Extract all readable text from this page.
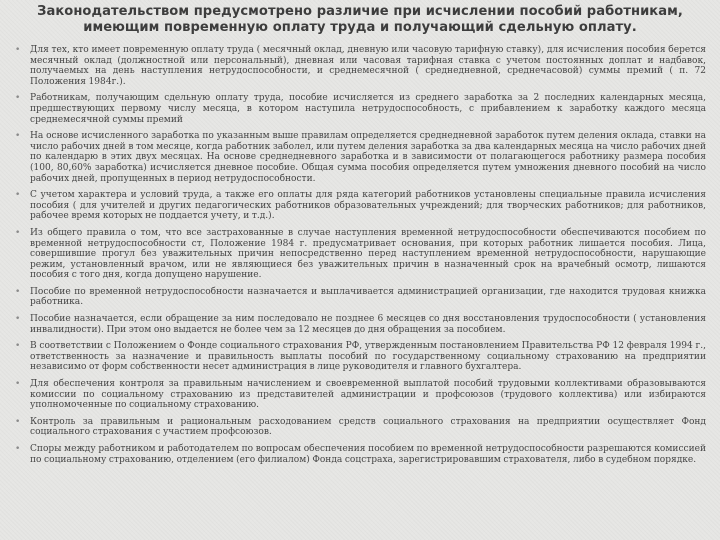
Законодательством предусмотрено различие при исчислении пособий работникам, имеющим повременную оплату труда и получающий сдельную оплату.
• Для тех, кто имеет повременную оплату труда ( месячный оклад, дневную или часовую тарифную ставку), для исчисления пособия берется месячный оклад (должностной или персональный), дневная или часовая тарифная ставка с учетом постоянных доплат и надбавок, получаемых на день наступления нетрудоспособности, и среднемесячной ( среднедневной, среднечасовой) суммы премий ( п. 72 Положения 1984г.).
• Работникам, получающим сдельную оплату труда, пособие исчисляется из среднего заработка за 2 последних календарных месяца, предшествующих первому числу месяца, в котором наступила нетрудоспособность, с прибавлением к заработку каждого месяца среднемесячной суммы премий
• На основе исчисленного заработка по указанным выше правилам определяется среднедневной заработок путем деления оклада, ставки на число рабочих дней в том месяце, когда работник заболел, или путем деления заработка за два календарных месяца на число рабочих дней по календарю в этих двух месяцах. На основе среднедневного заработка и в зависимости от полагающегося работнику размера пособия (100, 80,60% заработка) исчисляется дневное пособие. Общая сумма пособия определяется путем умножения дневного пособий на число рабочих дней, пропущенных в период нетрудоспособности.
• С учетом характера и условий труда, а также его оплаты для ряда категорий работников установлены специальные правила исчисления пособия ( для учителей и других педагогических работников образовательных учреждений; для творческих работников; для работников, рабочее время которых не поддается учету, и т.д.).
• Из общего правила о том, что все застрахованные в случае наступления временной нетрудоспособности обеспечиваются пособием по временной нетрудоспособности ст, Положение 1984 г. предусматривает основания, при которых работник лишается пособия. Лица, совершившие прогул без уважительных причин непосредственно перед наступлением временной нетрудоспособности, нарушающие режим, установленный врачом, или не являющиеся без уважительных причин в назначенный срок на врачебный осмотр, лишаются пособия с того дня, когда допущено нарушение.
• Пособие по временной нетрудоспособности назначается и выплачивается администрацией организации, где находится трудовая книжка работника.
• Пособие назначается, если обращение за ним последовало не позднее 6 месяцев со дня восстановления трудоспособности ( установления инвалидности). При этом оно выдается не более чем за 12 месяцев до дня обращения за пособием.
• В соответствии с Положением о Фонде социального страхования РФ, утвержденным постановлением Правительства РФ 12 февраля 1994 г., ответственность за назначение и правильность выплаты пособий по государственному социальному страхованию на предприятии независимо от форм собственности несет администрация в лице руководителя и главного бухгалтера.
• Для обеспечения контроля за правильным начислением и своевременной выплатой пособий трудовыми коллективами образовываются комиссии по социальному страхованию из представителей администрации и профсоюзов (трудового коллектива) или избираются уполномоченные по социальному страхованию.
• Контроль за правильным и рациональным расходованием средств социального страхования на предприятии осуществляет Фонд социального страхования с участием профсоюзов.
• Споры между работником и работодателем по вопросам обеспечения пособием по временной нетрудоспособности разрешаются комиссией по социальному страхованию, отделением (его филиалом) Фонда соцстраха, зарегистрировавшим страхователя, либо в судебном порядке.
